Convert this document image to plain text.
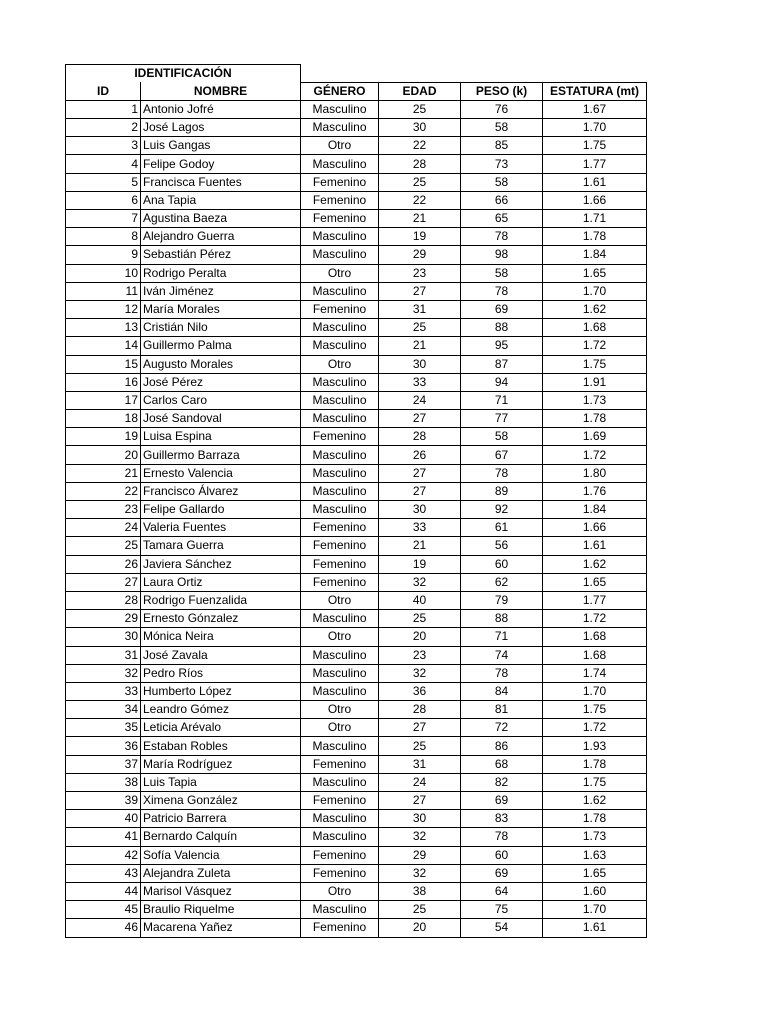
IDENTIFICACIÓN					
ID	NOMBRE	GÉNERO	EDAD	PESO (k)	ESTATURA (mt)
1	Antonio Jofré	Masculino	25	76	1.67
2	José Lagos	Masculino	30	58	1.70
3	Luis Gangas	Otro	22	85	1.75
4	Felipe Godoy	Masculino	28	73	1.77
5	Francisca Fuentes	Femenino	25	58	1.61
6	Ana Tapia	Femenino	22	66	1.66
7	Agustina Baeza	Femenino	21	65	1.71
8	Alejandro Guerra	Masculino	19	78	1.78
9	Sebastián Pérez	Masculino	29	98	1.84
10	Rodrigo Peralta	Otro	23	58	1.65
11	Iván Jiménez	Masculino	27	78	1.70
12	María Morales	Femenino	31	69	1.62
13	Cristián Nilo	Masculino	25	88	1.68
14	Guillermo Palma	Masculino	21	95	1.72
15	Augusto Morales	Otro	30	87	1.75
16	José Pérez	Masculino	33	94	1.91
17	Carlos Caro	Masculino	24	71	1.73
18	José Sandoval	Masculino	27	77	1.78
19	Luisa Espina	Femenino	28	58	1.69
20	Guillermo Barraza	Masculino	26	67	1.72
21	Ernesto Valencia	Masculino	27	78	1.80
22	Francisco Álvarez	Masculino	27	89	1.76
23	Felipe Gallardo	Masculino	30	92	1.84
24	Valeria Fuentes	Femenino	33	61	1.66
25	Tamara Guerra	Femenino	21	56	1.61
26	Javiera Sánchez	Femenino	19	60	1.62
27	Laura Ortiz	Femenino	32	62	1.65
28	Rodrigo Fuenzalida	Otro	40	79	1.77
29	Ernesto Gónzalez	Masculino	25	88	1.72
30	Mónica Neira	Otro	20	71	1.68
31	José Zavala	Masculino	23	74	1.68
32	Pedro Ríos	Masculino	32	78	1.74
33	Humberto López	Masculino	36	84	1.70
34	Leandro Gómez	Otro	28	81	1.75
35	Leticia Arévalo	Otro	27	72	1.72
36	Estaban Robles	Masculino	25	86	1.93
37	María Rodríguez	Femenino	31	68	1.78
38	Luis Tapia	Masculino	24	82	1.75
39	Ximena González	Femenino	27	69	1.62
40	Patricio Barrera	Masculino	30	83	1.78
41	Bernardo Calquín	Masculino	32	78	1.73
42	Sofía Valencia	Femenino	29	60	1.63
43	Alejandra Zuleta	Femenino	32	69	1.65
44	Marisol Vásquez	Otro	38	64	1.60
45	Braulio Riquelme	Masculino	25	75	1.70
46	Macarena Yañez	Femenino	20	54	1.61
